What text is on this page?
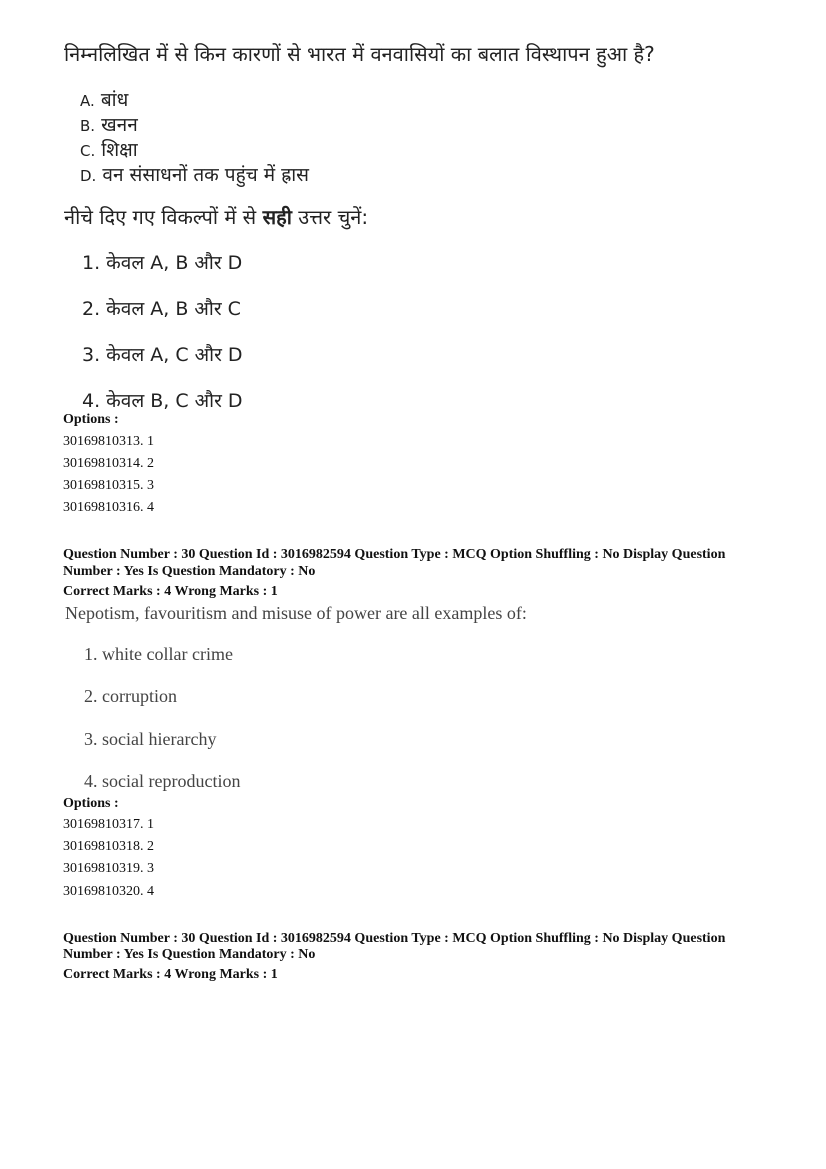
निम्नलिखित में से किन कारणों से भारत में वनवासियों का बलात विस्थापन हुआ है?
A. बांध
B. खनन
C. शिक्षा
D. वन संसाधनों तक पहुंच में ह्रास
नीचे दिए गए विकल्पों में से सही उत्तर चुनें:
1. केवल A, B और D
2. केवल A, B और C
3. केवल A, C और D
4. केवल B, C और D
Options :
30169810313. 1
30169810314. 2
30169810315. 3
30169810316. 4
Question Number : 30 Question Id : 3016982594 Question Type : MCQ Option Shuffling : No Display Question
Number : Yes Is Question Mandatory : No
Correct Marks : 4 Wrong Marks : 1
Nepotism, favouritism and misuse of power are all examples of:
1. white collar crime
2. corruption
3. social hierarchy
4. social reproduction
Options :
30169810317. 1
30169810318. 2
30169810319. 3
30169810320. 4
Question Number : 30 Question Id : 3016982594 Question Type : MCQ Option Shuffling : No Display Question
Number : Yes Is Question Mandatory : No
Correct Marks : 4 Wrong Marks : 1
